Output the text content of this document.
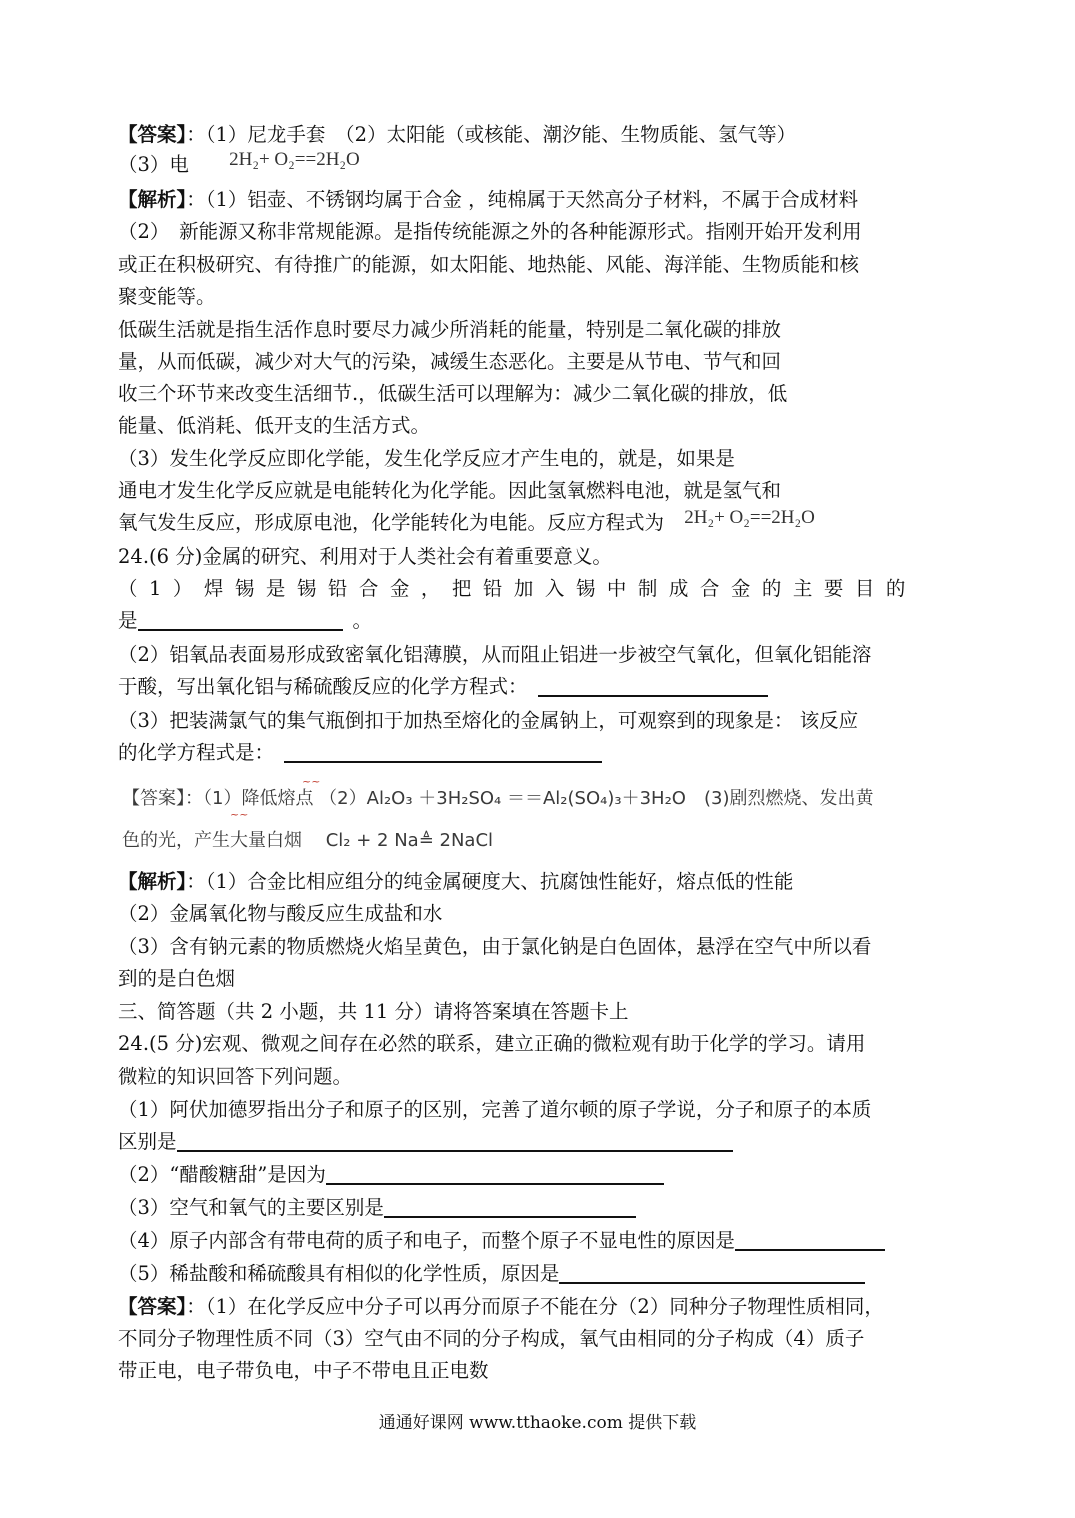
【答案】：（1）尼龙手套　（2）太阳能（或核能、潮汐能、生物质能、氢气等）
（3）电 2H₂+ O₂==2H₂O
【解析】：（1）铝壶、不锈钢均属于合金 ，纯棉属于天然高分子材料，不属于合成材料
（2）　新能源又称非常规能源。是指传统能源之外的各种能源形式。指刚开始开发利用
或正在积极研究、有待推广的能源，如太阳能、地热能、风能、海洋能、生物质能和核
聚变能等。
低碳生活就是指生活作息时要尽力减少所消耗的能量，特别是二氧化碳的排放
量，从而低碳，减少对大气的污染，减缓生态恶化。主要是从节电、节气和回
收三个环节来改变生活细节.，低碳生活可以理解为：减少二氧化碳的排放，低
能量、低消耗、低开支的生活方式。
（3）发生化学反应即化学能，发生化学反应才产生电的，就是，如果是
通电才发生化学反应就是电能转化为化学能。因此氢氧燃料电池，就是氢气和
氧气发生反应，形成原电池，化学能转化为电能。反应方程式为 2H₂+ O₂==2H₂O
24.(6 分)金属的研究、利用对于人类社会有着重要意义。
（1）焊锡是锡铅合金，把铅加入锡中制成合金的主要目的
是	。
（2）铝氧品表面易形成致密氧化铝薄膜，从而阻止铝进一步被空气氧化，但氧化铝能溶
于酸，写出氧化铝与稀硫酸反应的化学方程式：
（3）把装满氯气的集气瓶倒扣于加热至熔化的金属钠上，可观察到的现象是： 该反应
的化学方程式是：
【答案】：（1）降低熔点 （2）Al₂O₃ ＋3H₂SO₄ ＝＝Al₂(SO₄)₃＋3H₂O　(3)剧烈燃烧、发出黄
~~
~~
色的光，产生大量白烟　 Cl₂ + 2 Na≜ 2NaCl
【解析】：（1）合金比相应组分的纯金属硬度大、抗腐蚀性能好，熔点低的性能
（2）金属氧化物与酸反应生成盐和水
（3）含有钠元素的物质燃烧火焰呈黄色，由于氯化钠是白色固体，悬浮在空气中所以看
到的是白色烟
三、简答题（共 2 小题，共 11 分）请将答案填在答题卡上
24.(5 分)宏观、微观之间存在必然的联系，建立正确的微粒观有助于化学的学习。请用
微粒的知识回答下列问题。
（1）阿伏加德罗指出分子和原子的区别，完善了道尔顿的原子学说，分子和原子的本质
区别是
（2）“醋酸糖甜”是因为
（3）空气和氧气的主要区别是
（4）原子内部含有带电荷的质子和电子，而整个原子不显电性的原因是
（5）稀盐酸和稀硫酸具有相似的化学性质，原因是
【答案】：（1）在化学反应中分子可以再分而原子不能在分（2）同种分子物理性质相同，
不同分子物理性质不同（3）空气由不同的分子构成，氧气由相同的分子构成（4）质子
带正电，电子带负电，中子不带电且正电数
通通好课网 www.tthaoke.com 提供下载
